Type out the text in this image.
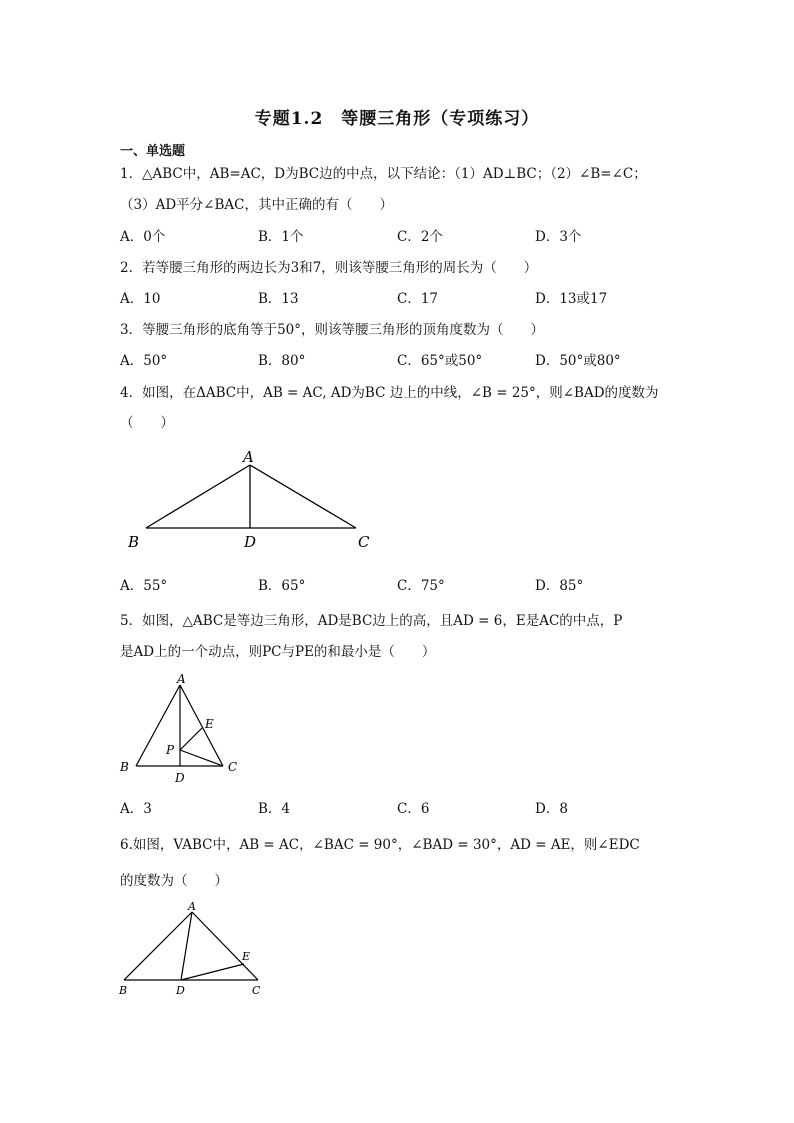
专题1.2　等腰三角形（专项练习）
一、单选题
1．△ABC中，AB=AC，D为BC边的中点，以下结论：（1）AD⊥BC；（2）∠B=∠C；
（3）AD平分∠BAC，其中正确的有（　　）
A．0个	B．1个	C．2个	D．3个
2．若等腰三角形的两边长为3和7，则该等腰三角形的周长为（　　）
A．10	B．13	C．17	D．13或17
3．等腰三角形的底角等于50°，则该等腰三角形的顶角度数为（　　）
A．50°	B．80°	C．65°或50°	D．50°或80°
4．如图，在ΔABC中，AB = AC, AD为BC 边上的中线，∠B = 25°，则∠BAD的度数为
（　　）
A
B	D	C
A．55°	B．65°	C．75°	D．85°
5．如图，△ABC是等边三角形，AD是BC边上的高，且AD = 6，E是AC的中点，P
是AD上的一个动点，则PC与PE的和最小是（　　）
A
E
P
B	C
D
A．3	B．4	C．6	D．8
6.如图，VABC中，AB = AC，∠BAC = 90°，∠BAD = 30°，AD = AE，则∠EDC
的度数为（　　）
A
E
B	D	C
